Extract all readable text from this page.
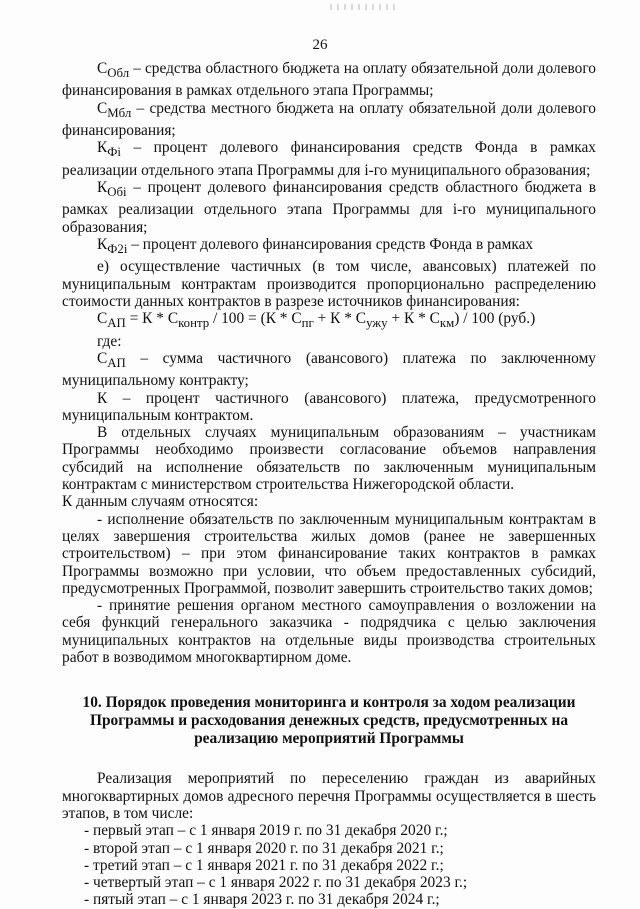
26

$С_{Обл}$ – средства областного бюджета на оплату обязательной доли долевого финансирования в рамках отдельного этапа Программы;

$С_{Мбл}$ – средства местного бюджета на оплату обязательной доли долевого финансирования;

$К_{Фi}$ – процент долевого финансирования средств Фонда в рамках реализации отдельного этапа Программы для i-го муниципального образования;

$К_{Обi}$ – процент долевого финансирования средств областного бюджета в рамках реализации отдельного этапа Программы для i-го муниципального образования;

$К_{Ф2i}$ – процент долевого финансирования средств Фонда в рамках

е) осуществление частичных (в том числе, авансовых) платежей по муниципальным контрактам производится пропорционально распределению стоимости данных контрактов в разрезе источников финансирования:

$С_{АП} = К * С_{контр} / 100 = (К * С_{пг} + К * С_{ужу} + К * С_{км}) / 100$ (руб.)

где:

$С_{АП}$ – сумма частичного (авансового) платежа по заключенному муниципальному контракту;

К – процент частичного (авансового) платежа, предусмотренного муниципальным контрактом.

В отдельных случаях муниципальным образованиям – участникам Программы необходимо произвести согласование объемов направления субсидий на исполнение обязательств по заключенным муниципальным контрактам с министерством строительства Нижегородской области.

К данным случаям относятся:

- исполнение обязательств по заключенным муниципальным контрактам в целях завершения строительства жилых домов (ранее не завершенных строительством) – при этом финансирование таких контрактов в рамках Программы возможно при условии, что объем предоставленных субсидий, предусмотренных Программой, позволит завершить строительство таких домов;

- принятие решения органом местного самоуправления о возложении на себя функций генерального заказчика - подрядчика с целью заключения муниципальных контрактов на отдельные виды производства строительных работ в возводимом многоквартирном доме.

10. Порядок проведения мониторинга и контроля за ходом реализации Программы и расходования денежных средств, предусмотренных на реализацию мероприятий Программы

Реализация мероприятий по переселению граждан из аварийных многоквартирных домов адресного перечня Программы осуществляется в шесть этапов, в том числе:

- первый этап – с 1 января 2019 г. по 31 декабря 2020 г.;

- второй этап – с 1 января 2020 г. по 31 декабря 2021 г.;

- третий этап – с 1 января 2021 г. по 31 декабря 2022 г.;

- четвертый этап – с 1 января 2022 г. по 31 декабря 2023 г.;

- пятый этап – с 1 января 2023 г. по 31 декабря 2024 г.;
